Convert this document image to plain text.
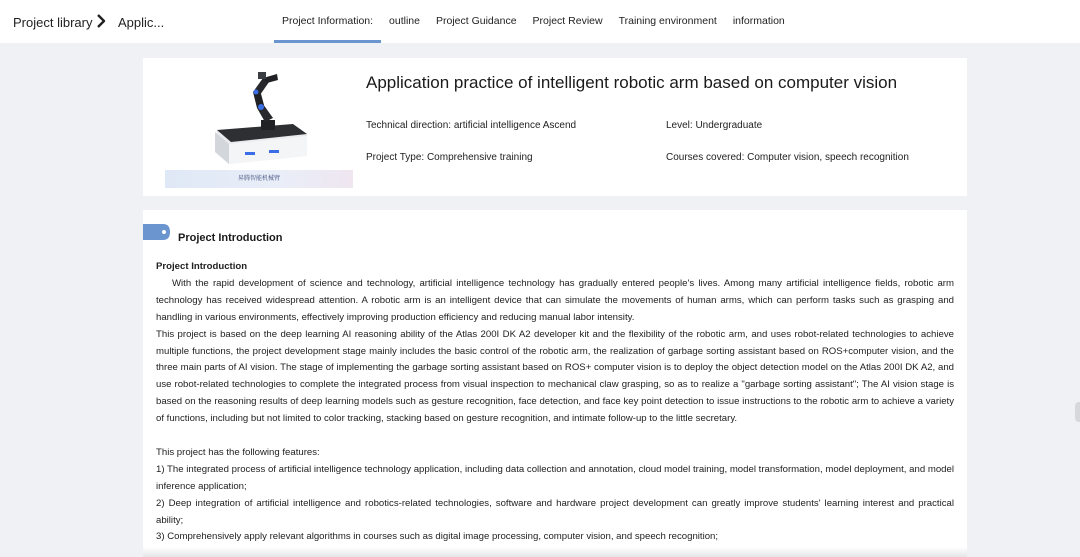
Project library Applic...	Project Information:	outline	Project Guidance	Project Review	Training environment	information
昇腾智能机械臂
Application practice of intelligent robotic arm based on computer vision
Technical direction: artificial intelligence Ascend	Level: Undergraduate
Project Type: Comprehensive training	Courses covered: Computer vision, speech recognition
Project Introduction

Project Introduction

With the rapid development of science and technology, artificial intelligence technology has gradually entered people's lives. Among many artificial intelligence fields, robotic arm technology has received widespread attention. A robotic arm is an intelligent device that can simulate the movements of human arms, which can perform tasks such as grasping and handling in various environments, effectively improving production efficiency and reducing manual labor intensity.

This project is based on the deep learning AI reasoning ability of the Atlas 200I DK A2 developer kit and the flexibility of the robotic arm, and uses robot-related technologies to achieve multiple functions, the project development stage mainly includes the basic control of the robotic arm, the realization of garbage sorting assistant based on ROS+computer vision, and the three main parts of AI vision. The stage of implementing the garbage sorting assistant based on ROS+ computer vision is to deploy the object detection model on the Atlas 200I DK A2, and use robot-related technologies to complete the integrated process from visual inspection to mechanical claw grasping, so as to realize a "garbage sorting assistant"; The AI vision stage is based on the reasoning results of deep learning models such as gesture recognition, face detection, and face key point detection to issue instructions to the robotic arm to achieve a variety of functions, including but not limited to color tracking, stacking based on gesture recognition, and intimate follow-up to the little secretary.

This project has the following features:

1) The integrated process of artificial intelligence technology application, including data collection and annotation, cloud model training, model transformation, model deployment, and model inference application;

2) Deep integration of artificial intelligence and robotics-related technologies, software and hardware project development can greatly improve students' learning interest and practical ability;

3) Comprehensively apply relevant algorithms in courses such as digital image processing, computer vision, and speech recognition;
